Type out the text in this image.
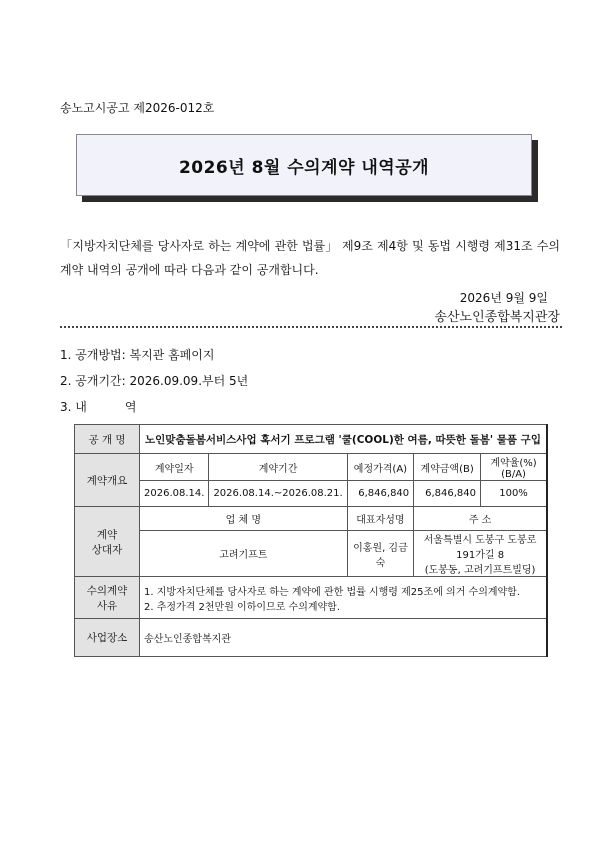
송노고시공고 제2026-012호
2026년 8월 수의계약 내역공개
「지방자치단체를 당사자로 하는 계약에 관한 법률」 제9조 제4항 및 동법 시행령 제31조 수의계약 내역의 공개에 따라 다음과 같이 공개합니다.
2026년 9월 9일
송산노인종합복지관장
1. 공개방법: 복지관 홈페이지
2. 공개기간: 2026.09.09.부터 5년
3. 내	역
공 개 명	노인맞춤돌봄서비스사업 혹서기 프로그램 '쿨(COOL)한 여름, 따뜻한 돌봄' 물품 구입				
계약개요	계약일자	계약기간	예정가격(A)	계약금액(B)	계약율(%)(B/A)
	2026.08.14.	2026.08.14.~2026.08.21.	6,846,840	6,846,840	100%
계약
상대자	업 체 명		대표자성명	주 소	
	고려기프트		이홍원, 김금숙	서울특별시 도봉구 도봉로191가길 8
(도봉동, 고려기프트빌딩)	
수의계약
사유	1. 지방자치단체를 당사자로 하는 계약에 관한 법률 시행령 제25조에 의거 수의계약함.
2. 추정가격 2천만원 이하이므로 수의계약함.				
사업장소	송산노인종합복지관				
